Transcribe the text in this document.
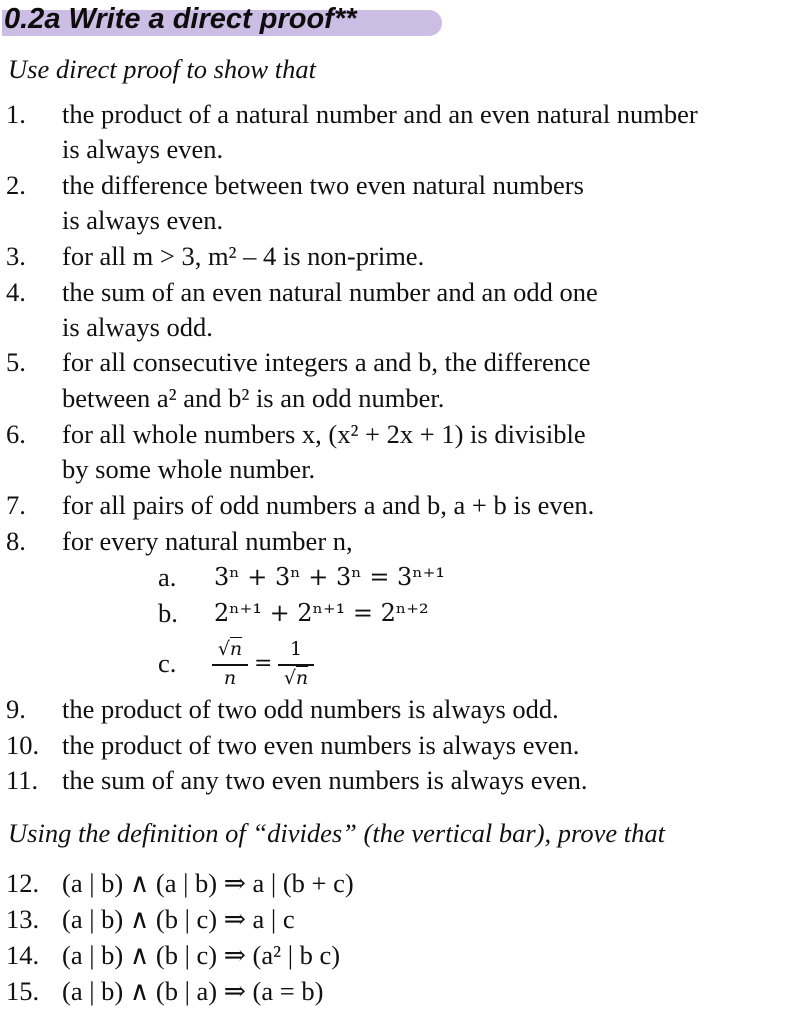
0.2a Write a direct proof**
Use direct proof to show that
1. the product of a natural number and an even natural number
is always even.
2. the difference between two even natural numbers
is always even.
3. for all m > 3, m² – 4 is non-prime.
4. the sum of an even natural number and an odd one
is always odd.
5. for all consecutive integers a and b, the difference
between a² and b² is an odd number.
6. for all whole numbers x, (x² + 2x + 1) is divisible
by some whole number.
7. for all pairs of odd numbers a and b, a + b is even.
8. for every natural number n,
a. 3ⁿ + 3ⁿ + 3ⁿ = 3ⁿ⁺¹
b. 2ⁿ⁺¹ + 2ⁿ⁺¹ = 2ⁿ⁺²
c.	√n
n
=
1
√n
9. the product of two odd numbers is always odd.
10. the product of two even numbers is always even.
11. the sum of any two even numbers is always even.
Using the definition of “divides” (the vertical bar), prove that
12. (a | b) ∧ (a | b) ⇒ a | (b + c)
13. (a | b) ∧ (b | c) ⇒ a | c
14. (a | b) ∧ (b | c) ⇒ (a² | b c)
15. (a | b) ∧ (b | a) ⇒ (a = b)
